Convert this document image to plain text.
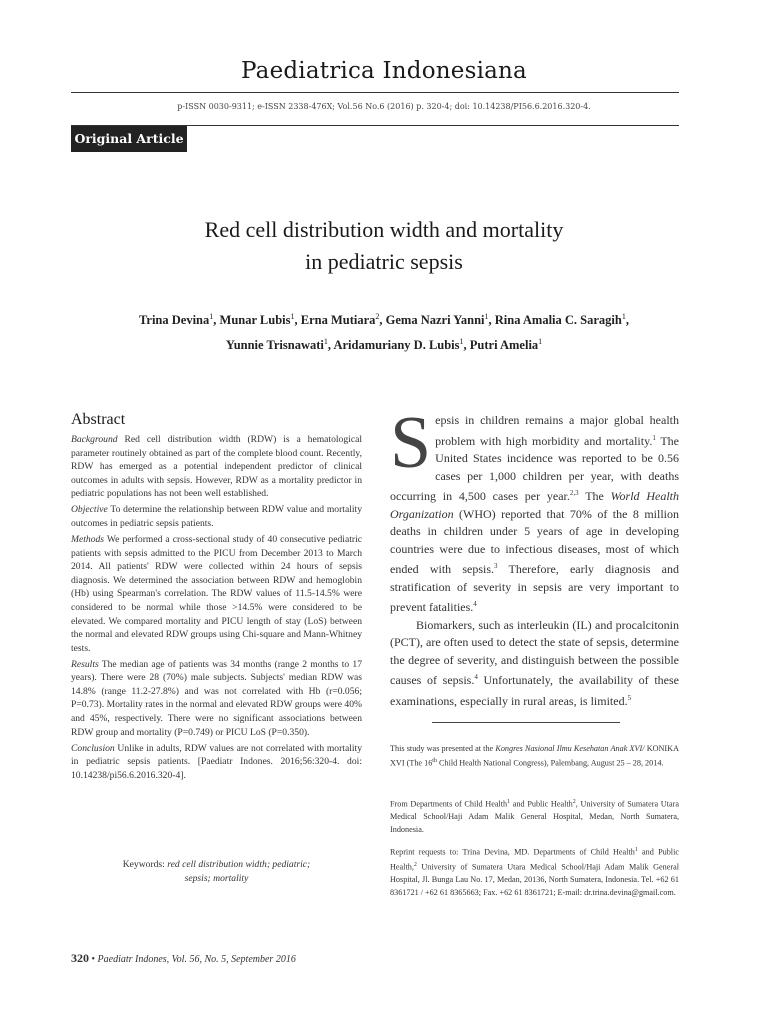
Paediatrica Indonesiana
p-ISSN 0030-9311; e-ISSN 2338-476X; Vol.56 No.6 (2016) p. 320-4; doi: 10.14238/PI56.6.2016.320-4.
Original Article
Red cell distribution width and mortality
in pediatric sepsis
Trina Devina$^1$, Munar Lubis$^1$, Erna Mutiara$^2$, Gema Nazri Yanni$^1$, Rina Amalia C. Saragih$^1$,
Yunnie Trisnawati$^1$, Aridamuriany D. Lubis$^1$, Putri Amelia$^1$
Abstract

Background Red cell distribution width (RDW) is a hematological parameter routinely obtained as part of the complete blood count. Recently, RDW has emerged as a potential independent predictor of clinical outcomes in adults with sepsis. However, RDW as a mortality predictor in pediatric populations has not been well established.

Objective To determine the relationship between RDW value and mortality outcomes in pediatric sepsis patients.

Methods We performed a cross-sectional study of 40 consecutive pediatric patients with sepsis admitted to the PICU from December 2013 to March 2014. All patients' RDW were collected within 24 hours of sepsis diagnosis. We determined the association between RDW and hemoglobin (Hb) using Spearman's correlation. The RDW values of 11.5-14.5% were considered to be normal while those >14.5% were considered to be elevated. We compared mortality and PICU length of stay (LoS) between the normal and elevated RDW groups using Chi-square and Mann-Whitney tests.

Results The median age of patients was 34 months (range 2 months to 17 years). There were 28 (70%) male subjects. Subjects' median RDW was 14.8% (range 11.2-27.8%) and was not correlated with Hb (r=0.056; P=0.73). Mortality rates in the normal and elevated RDW groups were 40% and 45%, respectively. There were no significant associations between RDW group and mortality (P=0.749) or PICU LoS (P=0.350).

Conclusion Unlike in adults, RDW values are not correlated with mortality in pediatric sepsis patients. [Paediatr Indones. 2016;56:320-4. doi: 10.14238/pi56.6.2016.320-4].

Keywords: red cell distribution width; pediatric;
sepsis; mortality

Sepsis in children remains a major global health problem with high morbidity and mortality.$^1$ The United States incidence was reported to be 0.56 cases per 1,000 children per year, with deaths occurring in 4,500 cases per year.$^{2,3}$ The World Health Organization (WHO) reported that 70% of the 8 million deaths in children under 5 years of age in developing countries were due to infectious diseases, most of which ended with sepsis.$^3$ Therefore, early diagnosis and stratification of severity in sepsis are very important to prevent fatalities.$^4$

Biomarkers, such as interleukin (IL) and procalcitonin (PCT), are often used to detect the state of sepsis, determine the degree of severity, and distinguish between the possible causes of sepsis.$^4$ Unfortunately, the availability of these examinations, especially in rural areas, is limited.$^5$

This study was presented at the Kongres Nasional Ilmu Kesehatan Anak XVI/ KONIKA XVI (The 16th Child Health National Congress), Palembang, August 25 – 28, 2014.
From Departments of Child Health$^1$ and Public Health$^2$, University of Sumatera Utara Medical School/Haji Adam Malik General Hospital, Medan, North Sumatera, Indonesia.
Reprint requests to: Trina Devina, MD. Departments of Child Health$^1$ and Public Health,$^2$ University of Sumatera Utara Medical School/Haji Adam Malik General Hospital, Jl. Bunga Lau No. 17, Medan, 20136, North Sumatera, Indonesia. Tel. +62 61 8361721 / +62 61 8365663; Fax. +62 61 8361721; E-mail: dr.trina.devina@gmail.com.
320 • Paediatr Indones, Vol. 56, No. 5, September 2016
